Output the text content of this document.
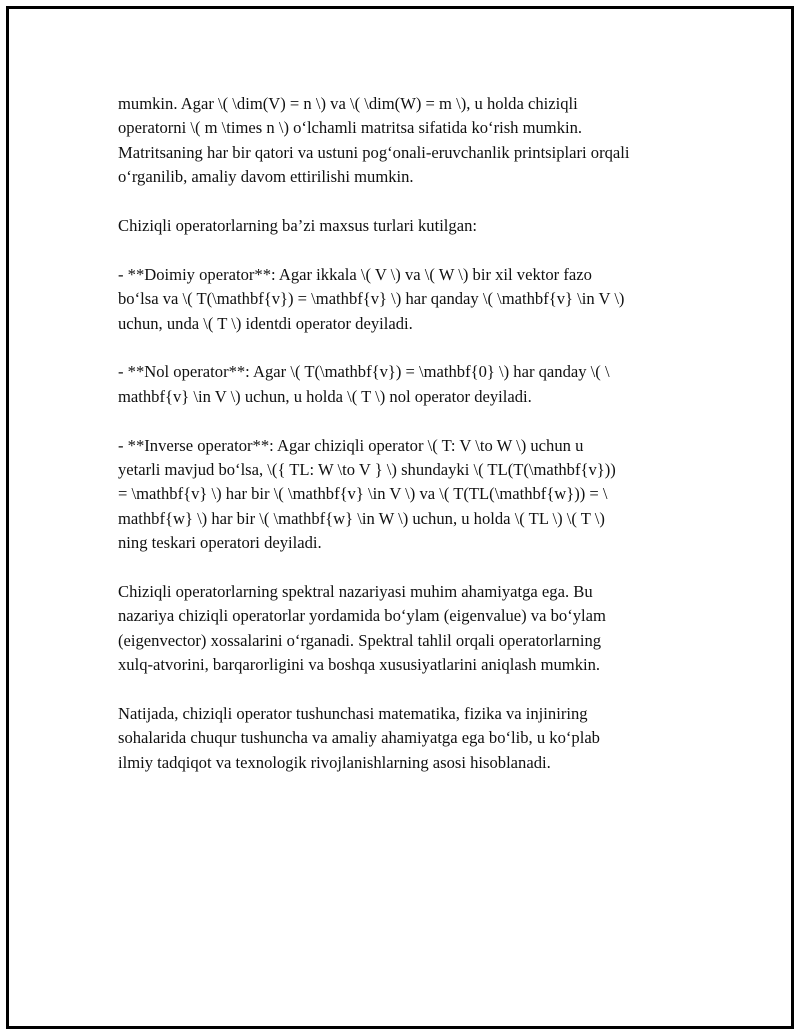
mumkin. Agar \( \dim(V) = n \) va \( \dim(W) = m \), u holda chiziqli
operatorni \( m \times n \) o‘lchamli matritsa sifatida ko‘rish mumkin.
Matritsaning har bir qatori va ustuni pog‘onali-eruvchanlik printsiplari orqali
o‘rganilib, amaliy davom ettirilishi mumkin.

Chiziqli operatorlarning ba’zi maxsus turlari kutilgan:

- **Doimiy operator**: Agar ikkala \( V \) va \( W \) bir xil vektor fazo
bo‘lsa va \( T(\mathbf{v}) = \mathbf{v} \) har qanday \( \mathbf{v} \in V \)
uchun, unda \( T \) identdi operator deyiladi.

- **Nol operator**: Agar \( T(\mathbf{v}) = \mathbf{0} \) har qanday \( \
mathbf{v} \in V \) uchun, u holda \( T \) nol operator deyiladi.

- **Inverse operator**: Agar chiziqli operator \( T: V \to W \) uchun u
yetarli mavjud bo‘lsa, \({ TL: W \to V } \) shundayki \( TL(T(\mathbf{v}))
= \mathbf{v} \) har bir \( \mathbf{v} \in V \) va \( T(TL(\mathbf{w})) = \
mathbf{w} \) har bir \( \mathbf{w} \in W \) uchun, u holda \( TL \) \( T \)
ning teskari operatori deyiladi.

Chiziqli operatorlarning spektral nazariyasi muhim ahamiyatga ega. Bu
nazariya chiziqli operatorlar yordamida bo‘ylam (eigenvalue) va bo‘ylam
(eigenvector) xossalarini o‘rganadi. Spektral tahlil orqali operatorlarning
xulq-atvorini, barqarorligini va boshqa xususiyatlarini aniqlash mumkin.

Natijada, chiziqli operator tushunchasi matematika, fizika va injiniring
sohalarida chuqur tushuncha va amaliy ahamiyatga ega bo‘lib, u ko‘plab
ilmiy tadqiqot va texnologik rivojlanishlarning asosi hisoblanadi.
